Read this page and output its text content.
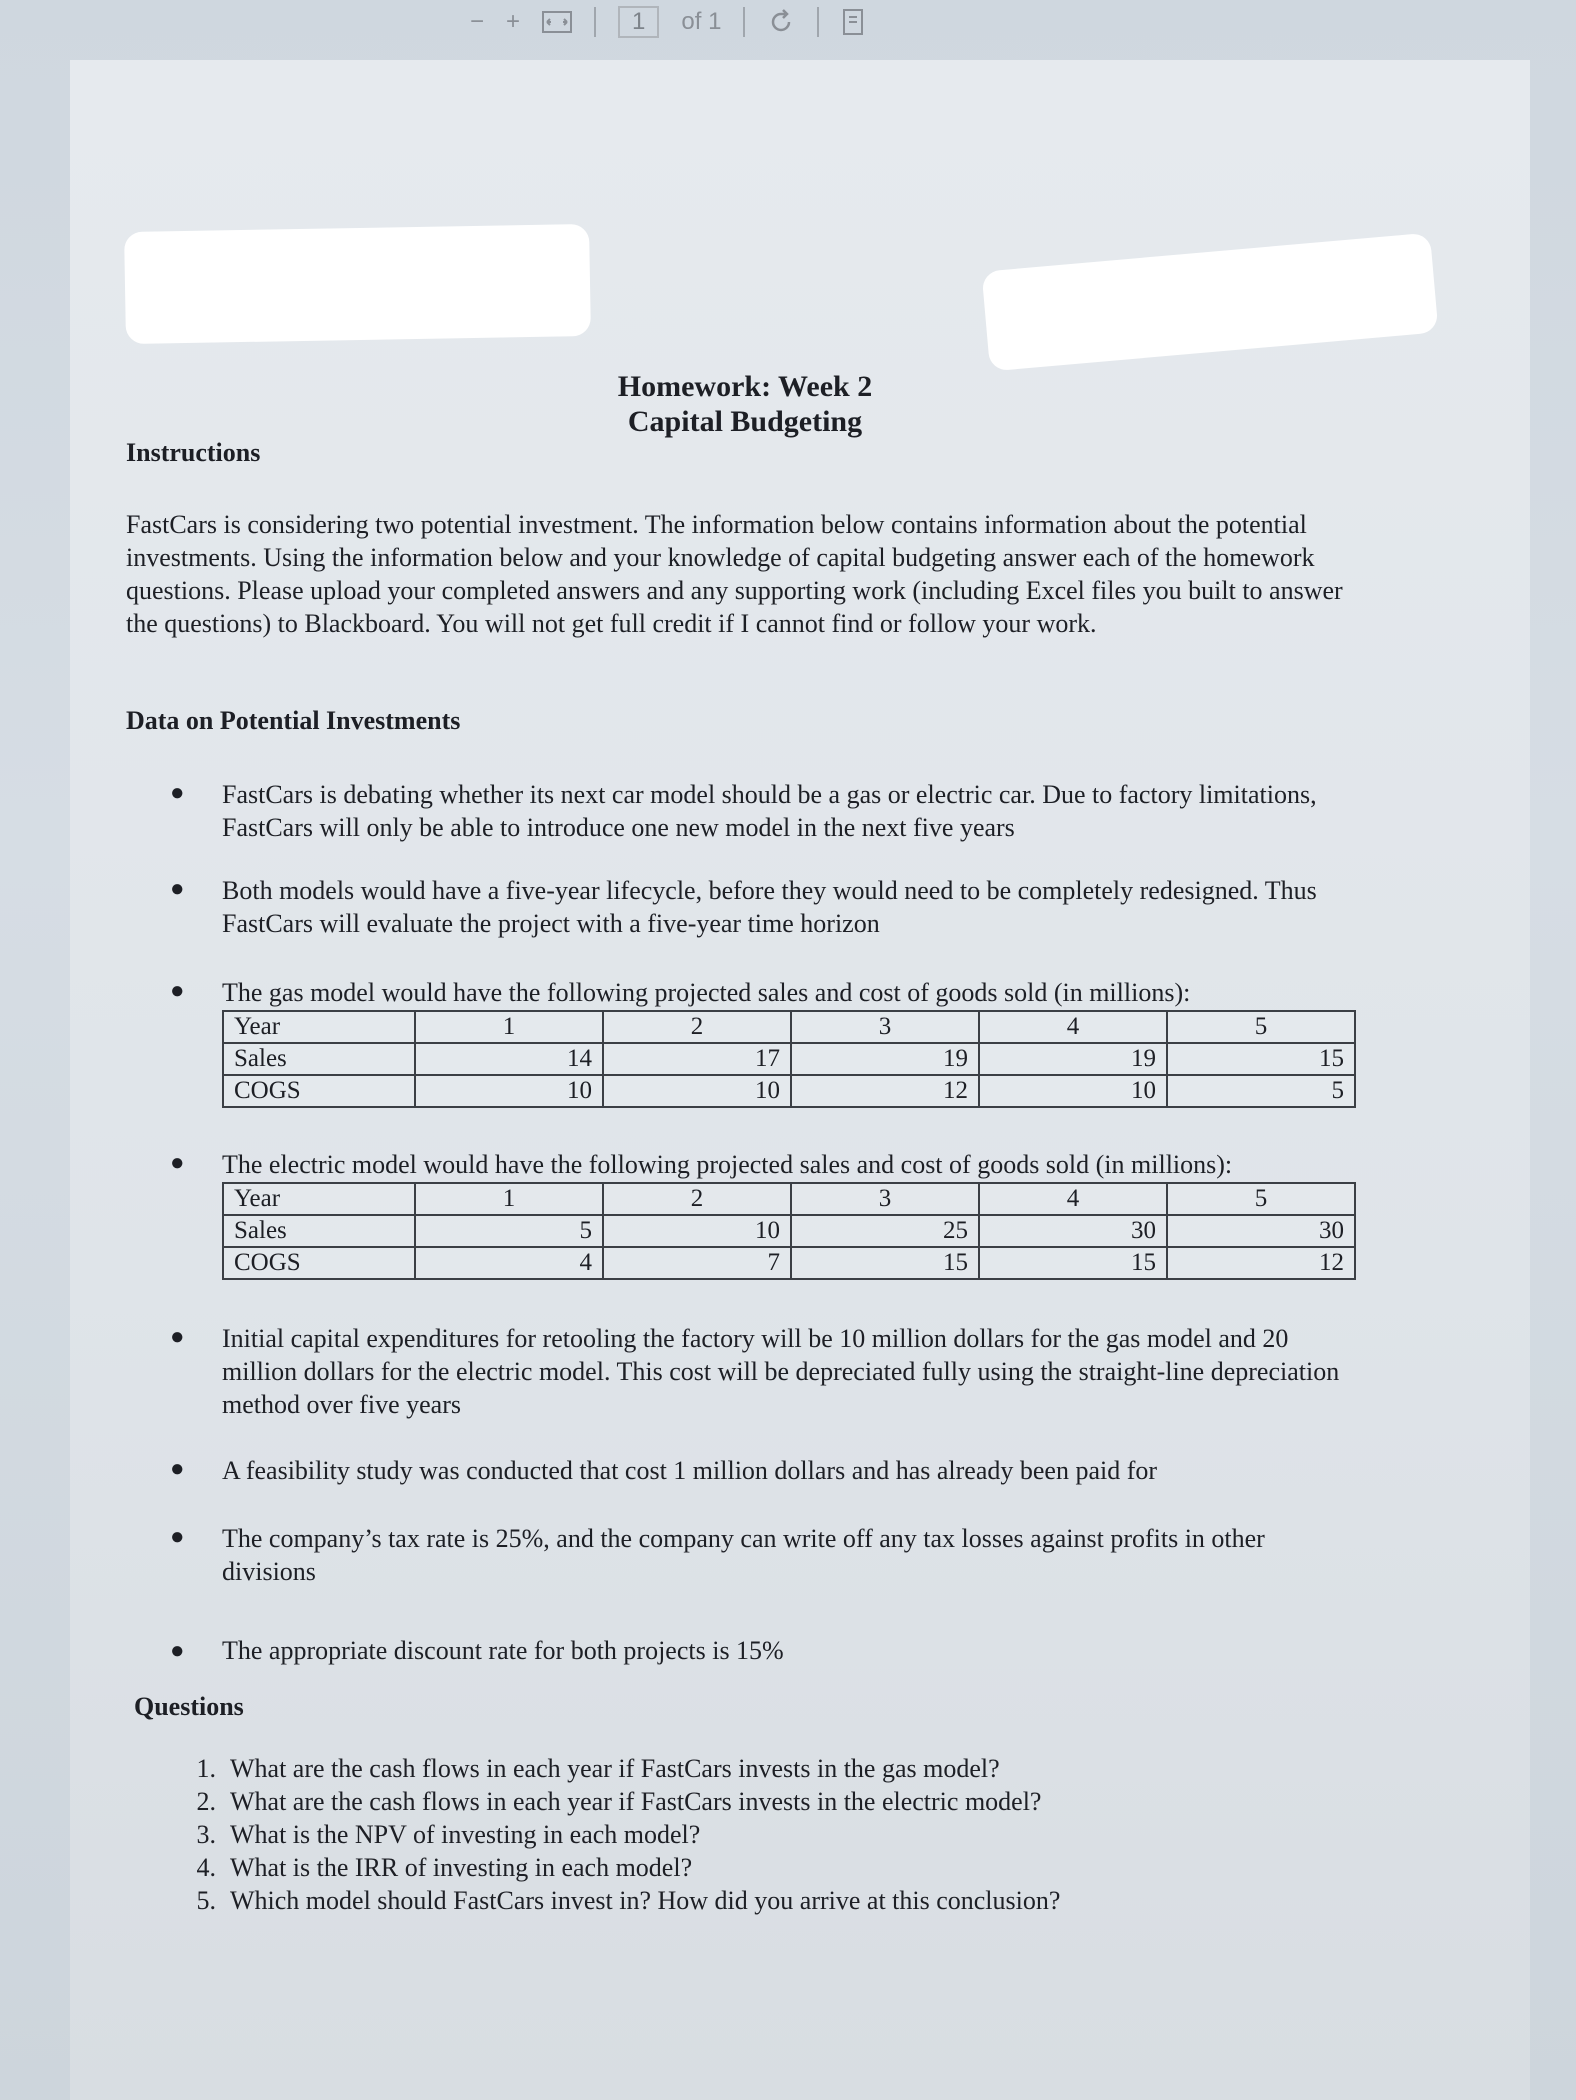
− +	1	of 1
Homework: Week 2
Capital Budgeting
Instructions
FastCars is considering two potential investment. The information below contains information about the potential investments. Using the information below and your knowledge of capital budgeting answer each of the homework questions. Please upload your completed answers and any supporting work (including Excel files you built to answer the questions) to Blackboard. You will not get full credit if I cannot find or follow your work.
Data on Potential Investments
● FastCars is debating whether its next car model should be a gas or electric car. Due to factory limitations, FastCars will only be able to introduce one new model in the next five years
● Both models would have a five-year lifecycle, before they would need to be completely redesigned. Thus FastCars will evaluate the project with a five-year time horizon
● The gas model would have the following projected sales and cost of goods sold (in millions):
Year	1	2	3	4	5
Sales	14	17	19	19	15
COGS	10	10	12	10	5
● The electric model would have the following projected sales and cost of goods sold (in millions):
Year	1	2	3	4	5
Sales	5	10	25	30	30
COGS	4	7	15	15	12
● Initial capital expenditures for retooling the factory will be 10 million dollars for the gas model and 20 million dollars for the electric model. This cost will be depreciated fully using the straight-line depreciation method over five years
● A feasibility study was conducted that cost 1 million dollars and has already been paid for
● The company’s tax rate is 25%, and the company can write off any tax losses against profits in other divisions
● The appropriate discount rate for both projects is 15%
Questions
1. What are the cash flows in each year if FastCars invests in the gas model?
2. What are the cash flows in each year if FastCars invests in the electric model?
3. What is the NPV of investing in each model?
4. What is the IRR of investing in each model?
5. Which model should FastCars invest in? How did you arrive at this conclusion?
